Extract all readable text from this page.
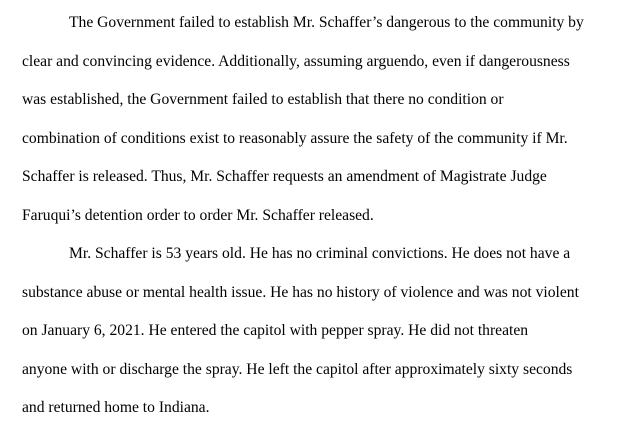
The Government failed to establish Mr. Schaffer’s dangerous to the community by
clear and convincing evidence. Additionally, assuming arguendo, even if dangerousness
was established, the Government failed to establish that there no condition or
combination of conditions exist to reasonably assure the safety of the community if Mr.
Schaffer is released. Thus, Mr. Schaffer requests an amendment of Magistrate Judge
Faruqui’s detention order to order Mr. Schaffer released.
Mr. Schaffer is 53 years old. He has no criminal convictions. He does not have a
substance abuse or mental health issue. He has no history of violence and was not violent
on January 6, 2021. He entered the capitol with pepper spray. He did not threaten
anyone with or discharge the spray. He left the capitol after approximately sixty seconds
and returned home to Indiana.
